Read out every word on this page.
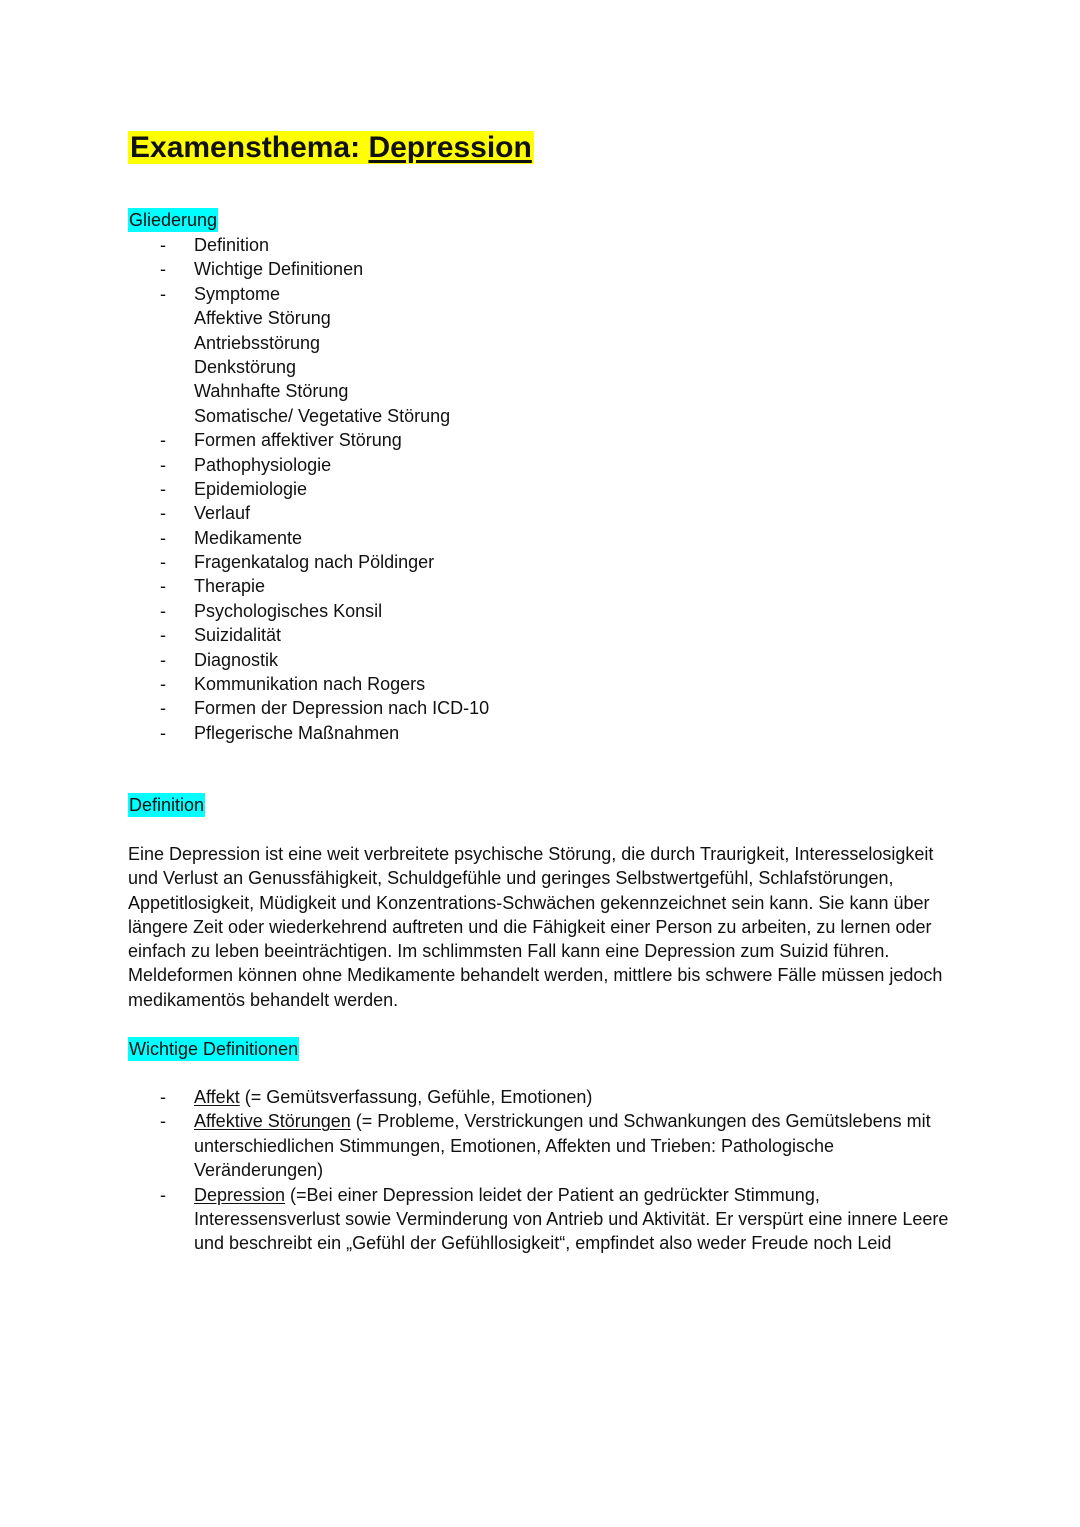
Examensthema: Depression
Gliederung
- Definition
- Wichtige Definitionen
- Symptome
Affektive Störung
Antriebsstörung
Denkstörung
Wahnhafte Störung
Somatische/ Vegetative Störung
- Formen affektiver Störung
- Pathophysiologie
- Epidemiologie
- Verlauf
- Medikamente
- Fragenkatalog nach Pöldinger
- Therapie
- Psychologisches Konsil
- Suizidalität
- Diagnostik
- Kommunikation nach Rogers
- Formen der Depression nach ICD-10
- Pflegerische Maßnahmen
Definition

Eine Depression ist eine weit verbreitete psychische Störung, die durch Traurigkeit, Interesselosigkeit und Verlust an Genussfähigkeit, Schuldgefühle und geringes Selbstwertgefühl, Schlafstörungen, Appetitlosigkeit, Müdigkeit und Konzentrations-Schwächen gekennzeichnet sein kann. Sie kann über längere Zeit oder wiederkehrend auftreten und die Fähigkeit einer Person zu arbeiten, zu lernen oder einfach zu leben beeinträchtigen. Im schlimmsten Fall kann eine Depression zum Suizid führen. Meldeformen können ohne Medikamente behandelt werden, mittlere bis schwere Fälle müssen jedoch medikamentös behandelt werden.

Wichtige Definitionen
- Affekt (= Gemütsverfassung, Gefühle, Emotionen)
- Affektive Störungen (= Probleme, Verstrickungen und Schwankungen des Gemütslebens mit unterschiedlichen Stimmungen, Emotionen, Affekten und Trieben: Pathologische Veränderungen)
- Depression (=Bei einer Depression leidet der Patient an gedrückter Stimmung, Interessensverlust sowie Verminderung von Antrieb und Aktivität. Er verspürt eine innere Leere und beschreibt ein „Gefühl der Gefühllosigkeit“, empfindet also weder Freude noch Leid
